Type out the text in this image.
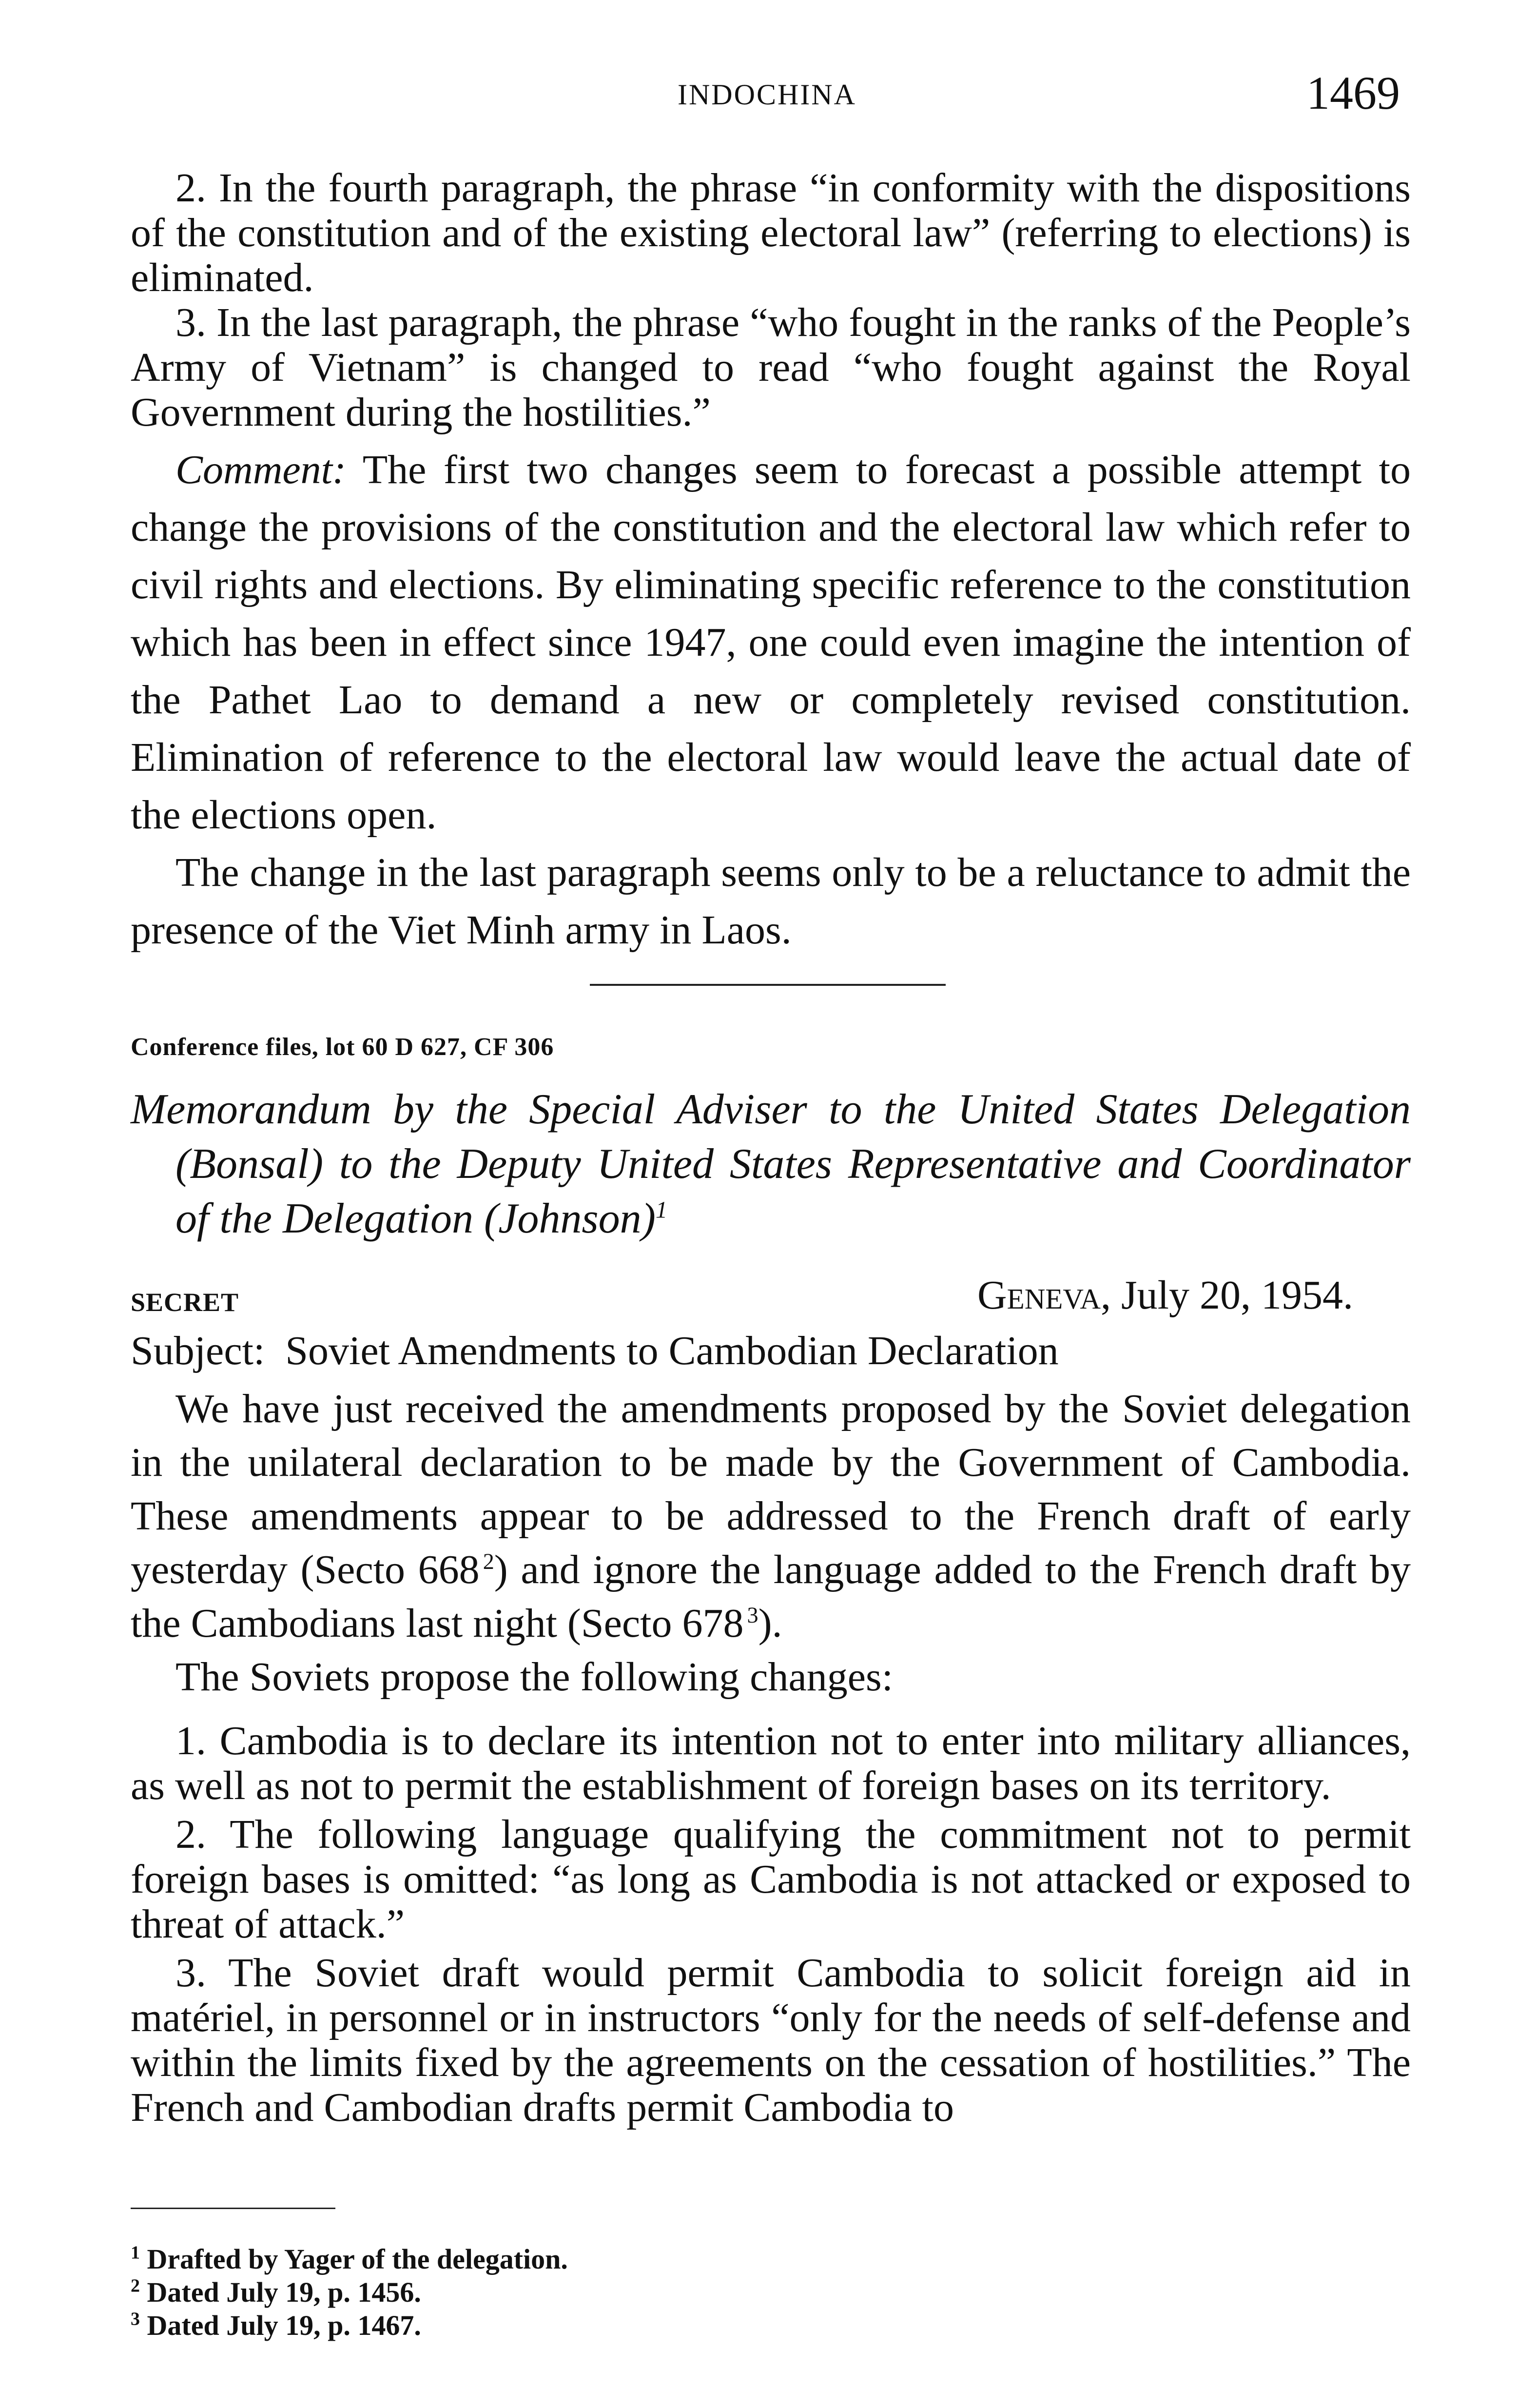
INDOCHINA	1469

2. In the fourth paragraph, the phrase “in conformity with the dispositions of the constitution and of the existing electoral law” (referring to elections) is eliminated.

3. In the last paragraph, the phrase “who fought in the ranks of the People’s Army of Vietnam” is changed to read “who fought against the Royal Government during the hostilities.”

Comment: The first two changes seem to forecast a possible attempt to change the provisions of the constitution and the electoral law which refer to civil rights and elections. By eliminating specific reference to the constitution which has been in effect since 1947, one could even imagine the intention of the Pathet Lao to demand a new or completely revised constitution. Elimination of reference to the electoral law would leave the actual date of the elections open.

The change in the last paragraph seems only to be a reluctance to admit the presence of the Viet Minh army in Laos.

Conference files, lot 60 D 627, CF 306

Memorandum by the Special Adviser to the United States Delegation (Bonsal) to the Deputy United States Representative and Coordinator of the Delegation (Johnson)$^1$

SECRET	Geneva, July 20, 1954.
Subject: Soviet Amendments to Cambodian Declaration

We have just received the amendments proposed by the Soviet delegation in the unilateral declaration to be made by the Government of Cambodia. These amendments appear to be addressed to the French draft of early yesterday (Secto 668  $^2$) and ignore the language added to the French draft by the Cambodians last night (Secto 678  $^3$).

The Soviets propose the following changes:

1. Cambodia is to declare its intention not to enter into military alliances, as well as not to permit the establishment of foreign bases on its territory.

2. The following language qualifying the commitment not to permit foreign bases is omitted: “as long as Cambodia is not attacked or exposed to threat of attack.”

3. The Soviet draft would permit Cambodia to solicit foreign aid in matériel, in personnel or in instructors “only for the needs of self-defense and within the limits fixed by the agreements on the cessation of hostilities.” The French and Cambodian drafts permit Cambodia to

$^1$ Drafted by Yager of the delegation.
$^2$ Dated July 19, p. 1456.
$^3$ Dated July 19, p. 1467.
